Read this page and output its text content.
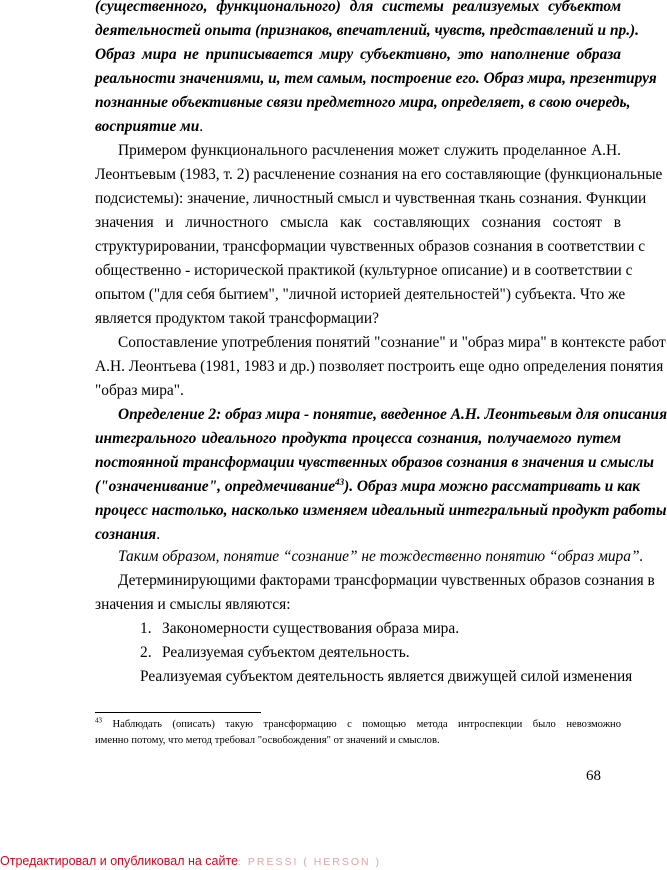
(существенного, функционального) для системы реализуемых субъектом
деятельностей опыта (признаков, впечатлений, чувств, представлений и пр.).
Образ мира не приписывается миру субъективно, это наполнение образа
реальности значениями, и, тем самым, построение его. Образ мира, презентируя
познанные объективные связи предметного мира, определяет, в свою очередь,
восприятие ми.
Примером функционального расчленения может служить проделанное А.Н.
Леонтьевым (1983, т. 2) расчленение сознания на его составляющие (функциональные
подсистемы): значение, личностный смысл и чувственная ткань сознания. Функции
значения и личностного смысла как составляющих сознания состоят в
структурировании, трансформации чувственных образов сознания в соответствии с
общественно - исторической практикой (культурное описание) и в соответствии с
опытом ("для себя бытием", "личной историей деятельностей") субъекта. Что же
является продуктом такой трансформации?
Сопоставление употребления понятий "сознание" и "образ мира" в контексте работ
А.Н. Леонтьева (1981, 1983 и др.) позволяет построить еще одно определения понятия
"образ мира".
Определение 2: образ мира - понятие, введенное А.Н. Леонтьевым для описания
интегрального идеального продукта процесса сознания, получаемого путем
постоянной трансформации чувственных образов сознания в значения и смыслы
("означенивание", опредмечивание$^{43}$). Образ мира можно рассматривать и как
процесс настолько, насколько изменяем идеальный интегральный продукт работы
сознания.
Таким образом, понятие “сознание” не тождественно понятию “образ мира”.
Детерминирующими факторами трансформации чувственных образов сознания в
значения и смыслы являются:
1. Закономерности существования образа мира.
2. Реализуемая субъектом деятельность.
Реализуемая субъектом деятельность является движущей силой изменения
$^{43}$ Наблюдать (описать) такую трансформацию с помощью метода интроспекции было невозможно
именно потому, что метод требовал "освобождения" от значений и смыслов.
68
Отредактировал и опубликовал на сайте: PRESSI ( HERSON )
